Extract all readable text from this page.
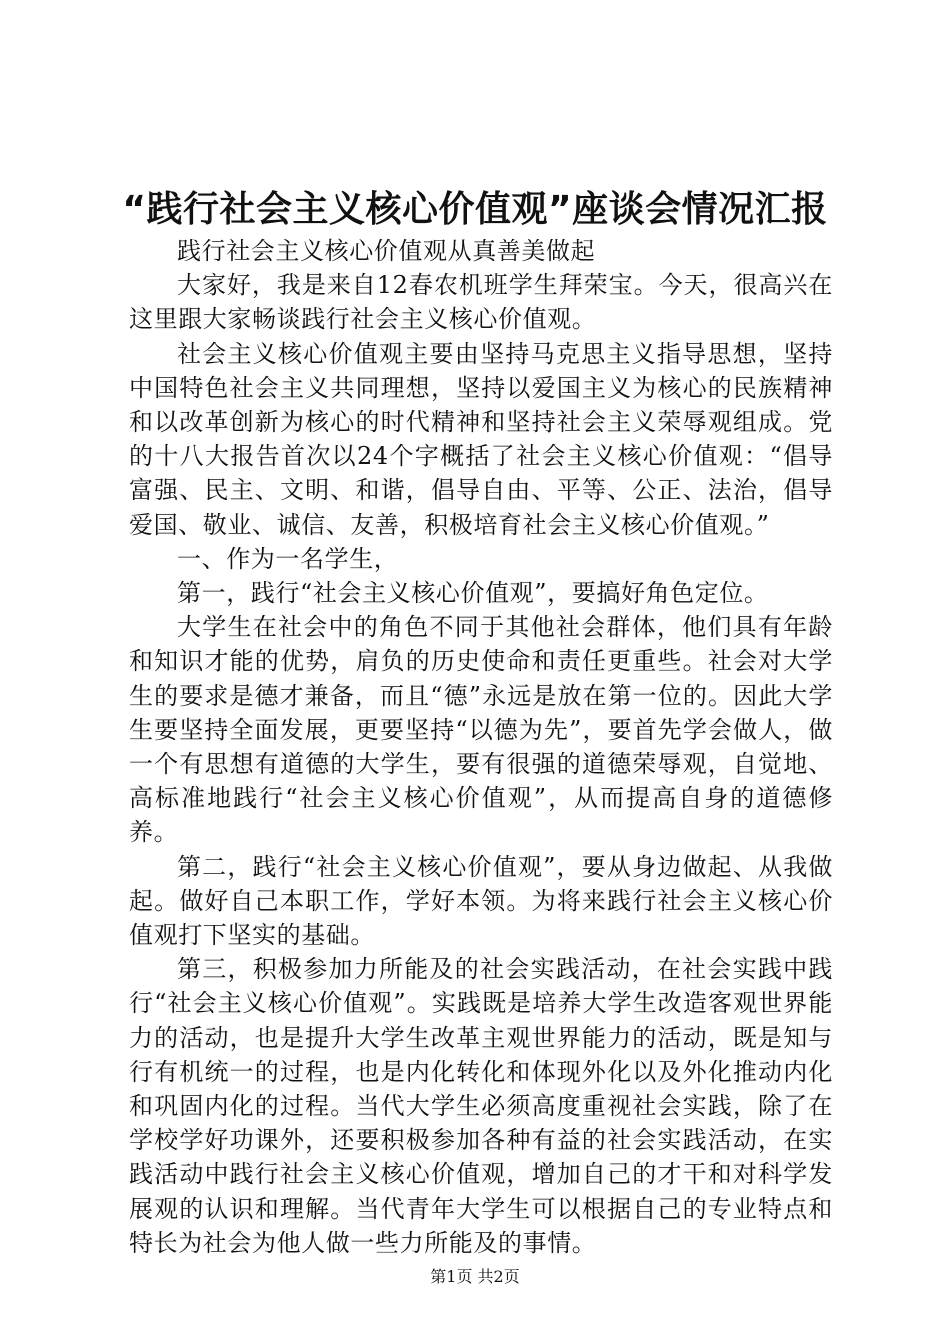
“践行社会主义核心价值观”座谈会情况汇报

践行社会主义核心价值观从真善美做起

大家好，我是来自12春农机班学生拜荣宝。今天，很高兴在这里跟大家畅谈践行社会主义核心价值观。

社会主义核心价值观主要由坚持马克思主义指导思想，坚持中国特色社会主义共同理想，坚持以爱国主义为核心的民族精神和以改革创新为核心的时代精神和坚持社会主义荣辱观组成。党的十八大报告首次以24个字概括了社会主义核心价值观：“倡导富强、民主、文明、和谐，倡导自由、平等、公正、法治，倡导爱国、敬业、诚信、友善，积极培育社会主义核心价值观。”

一、作为一名学生，

第一，践行“社会主义核心价值观”，要搞好角色定位。

大学生在社会中的角色不同于其他社会群体，他们具有年龄和知识才能的优势，肩负的历史使命和责任更重些。社会对大学生的要求是德才兼备，而且“德”永远是放在第一位的。因此大学生要坚持全面发展，更要坚持“以德为先”，要首先学会做人，做一个有思想有道德的大学生，要有很强的道德荣辱观，自觉地、高标准地践行“社会主义核心价值观”，从而提高自身的道德修养。

第二，践行“社会主义核心价值观”，要从身边做起、从我做起。做好自己本职工作，学好本领。为将来践行社会主义核心价值观打下坚实的基础。

第三，积极参加力所能及的社会实践活动，在社会实践中践行“社会主义核心价值观”。实践既是培养大学生改造客观世界能力的活动，也是提升大学生改革主观世界能力的活动，既是知与行有机统一的过程，也是内化转化和体现外化以及外化推动内化和巩固内化的过程。当代大学生必须高度重视社会实践，除了在学校学好功课外，还要积极参加各种有益的社会实践活动，在实践活动中践行社会主义核心价值观，增加自己的才干和对科学发展观的认识和理解。当代青年大学生可以根据自己的专业特点和特长为社会为他人做一些力所能及的事情。

第1页 共2页
